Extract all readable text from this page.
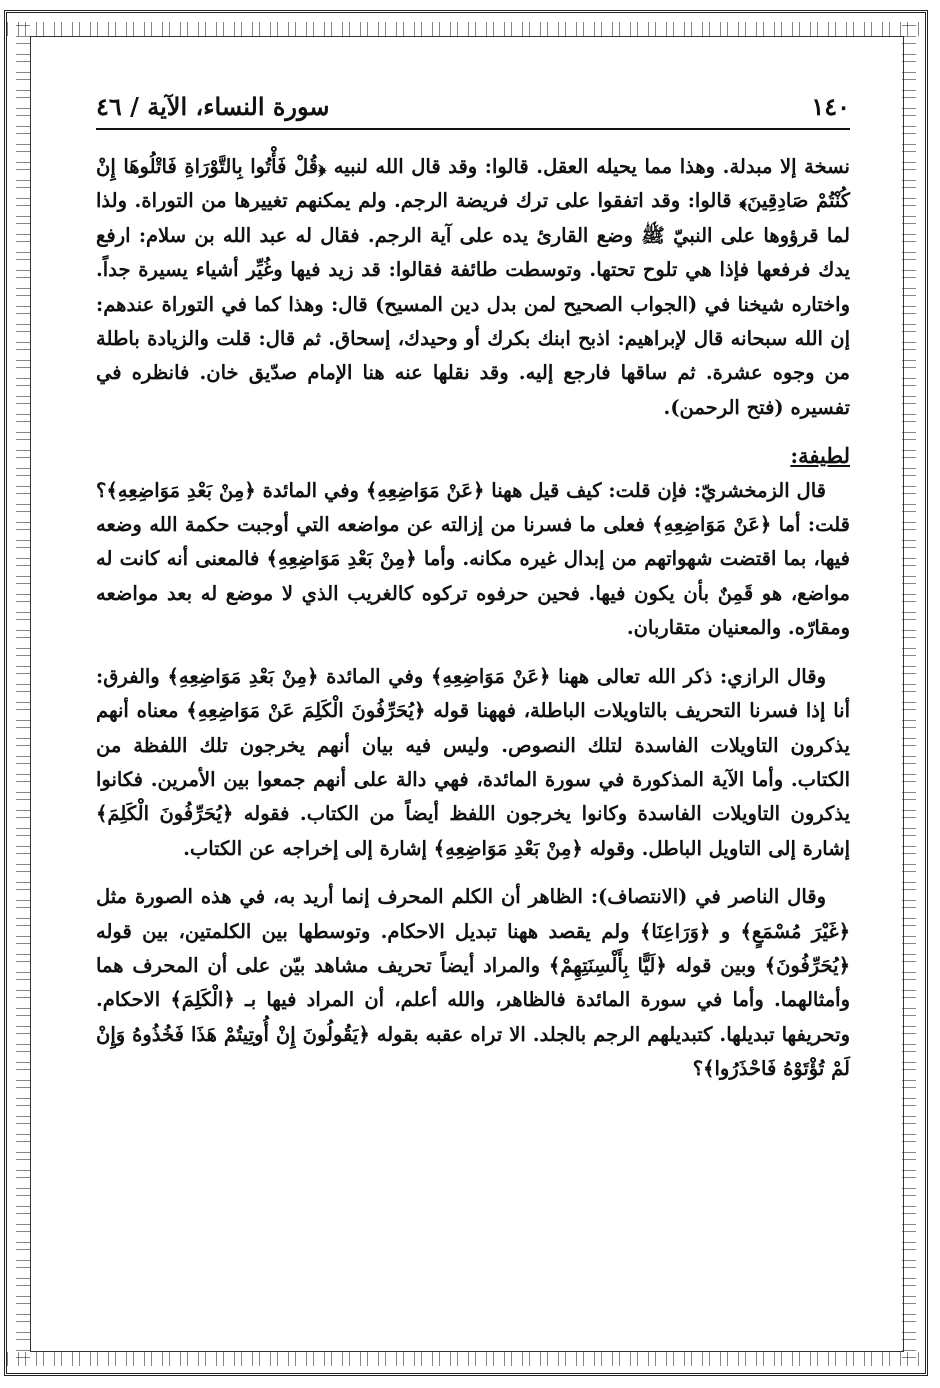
١٤٠
سورة النساء، الآية / ٤٦

نسخة إلا مبدلة. وهذا مما يحيله العقل. قالوا: وقد قال الله لنبيه ﴿قُلْ فَأْتُوا بِالتَّوْرَاةِ فَاتْلُوهَا إِنْ كُنْتُمْ صَادِقِينَ﴾ قالوا: وقد اتفقوا على ترك فريضة الرجم. ولم يمكنهم تغييرها من التوراة. ولذا لما قرؤوها على النبيّ ﷺ وضع القارئ يده على آية الرجم. فقال له عبد الله بن سلام: ارفع يدك فرفعها فإذا هي تلوح تحتها. وتوسطت طائفة فقالوا: قد زيد فيها وغُيِّر أشياء يسيرة جداً. واختاره شيخنا في (الجواب الصحيح لمن بدل دين المسيح) قال: وهذا كما في التوراة عندهم: إن الله سبحانه قال لإبراهيم: اذبح ابنك بكرك أو وحيدك، إسحاق. ثم قال: قلت والزيادة باطلة من وجوه عشرة. ثم ساقها فارجع إليه. وقد نقلها عنه هنا الإمام صدّيق خان. فانظره في تفسيره (فتح الرحمن).

لطيفة:

قال الزمخشريّ: فإن قلت: كيف قيل ههنا ﴿عَنْ مَوَاضِعِهِ﴾ وفي المائدة ﴿مِنْ بَعْدِ مَوَاضِعِهِ﴾؟ قلت: أما ﴿عَنْ مَوَاضِعِهِ﴾ فعلى ما فسرنا من إزالته عن مواضعه التي أوجبت حكمة الله وضعه فيها، بما اقتضت شهواتهم من إبدال غيره مكانه. وأما ﴿مِنْ بَعْدِ مَوَاضِعِهِ﴾ فالمعنى أنه كانت له مواضع، هو قَمِنٌ بأن يكون فيها. فحين حرفوه تركوه كالغريب الذي لا موضع له بعد مواضعه ومقارّه. والمعنيان متقاربان.

وقال الرازي: ذكر الله تعالى ههنا ﴿عَنْ مَوَاضِعِهِ﴾ وفي المائدة ﴿مِنْ بَعْدِ مَوَاضِعِهِ﴾ والفرق: أنا إذا فسرنا التحريف بالتاويلات الباطلة، فههنا قوله ﴿يُحَرِّفُونَ الْكَلِمَ عَنْ مَوَاضِعِهِ﴾ معناه أنهم يذكرون التاويلات الفاسدة لتلك النصوص. وليس فيه بيان أنهم يخرجون تلك اللفظة من الكتاب. وأما الآية المذكورة في سورة المائدة، فهي دالة على أنهم جمعوا بين الأمرين. فكانوا يذكرون التاويلات الفاسدة وكانوا يخرجون اللفظ أيضاً من الكتاب. فقوله ﴿يُحَرِّفُونَ الْكَلِمَ﴾ إشارة إلى التاويل الباطل. وقوله ﴿مِنْ بَعْدِ مَوَاضِعِهِ﴾ إشارة إلى إخراجه عن الكتاب.

وقال الناصر في (الانتصاف): الظاهر أن الكلم المحرف إنما أريد به، في هذه الصورة مثل ﴿غَيْرَ مُسْمَعٍ﴾ و ﴿وَرَاعِنَا﴾ ولم يقصد ههنا تبديل الاحكام. وتوسطها بين الكلمتين، بين قوله ﴿يُحَرِّفُونَ﴾ وبين قوله ﴿لَيًّا بِأَلْسِنَتِهِمْ﴾ والمراد أيضاً تحريف مشاهد بيّن على أن المحرف هما وأمثالهما. وأما في سورة المائدة فالظاهر، والله أعلم، أن المراد فيها بـ ﴿الْكَلِمَ﴾ الاحكام. وتحريفها تبديلها. كتبديلهم الرجم بالجلد. الا تراه عقبه بقوله ﴿يَقُولُونَ إِنْ أُوتِيتُمْ هَذَا فَخُذُوهُ وَإِنْ لَمْ تُؤْتَوْهُ فَاحْذَرُوا﴾؟
